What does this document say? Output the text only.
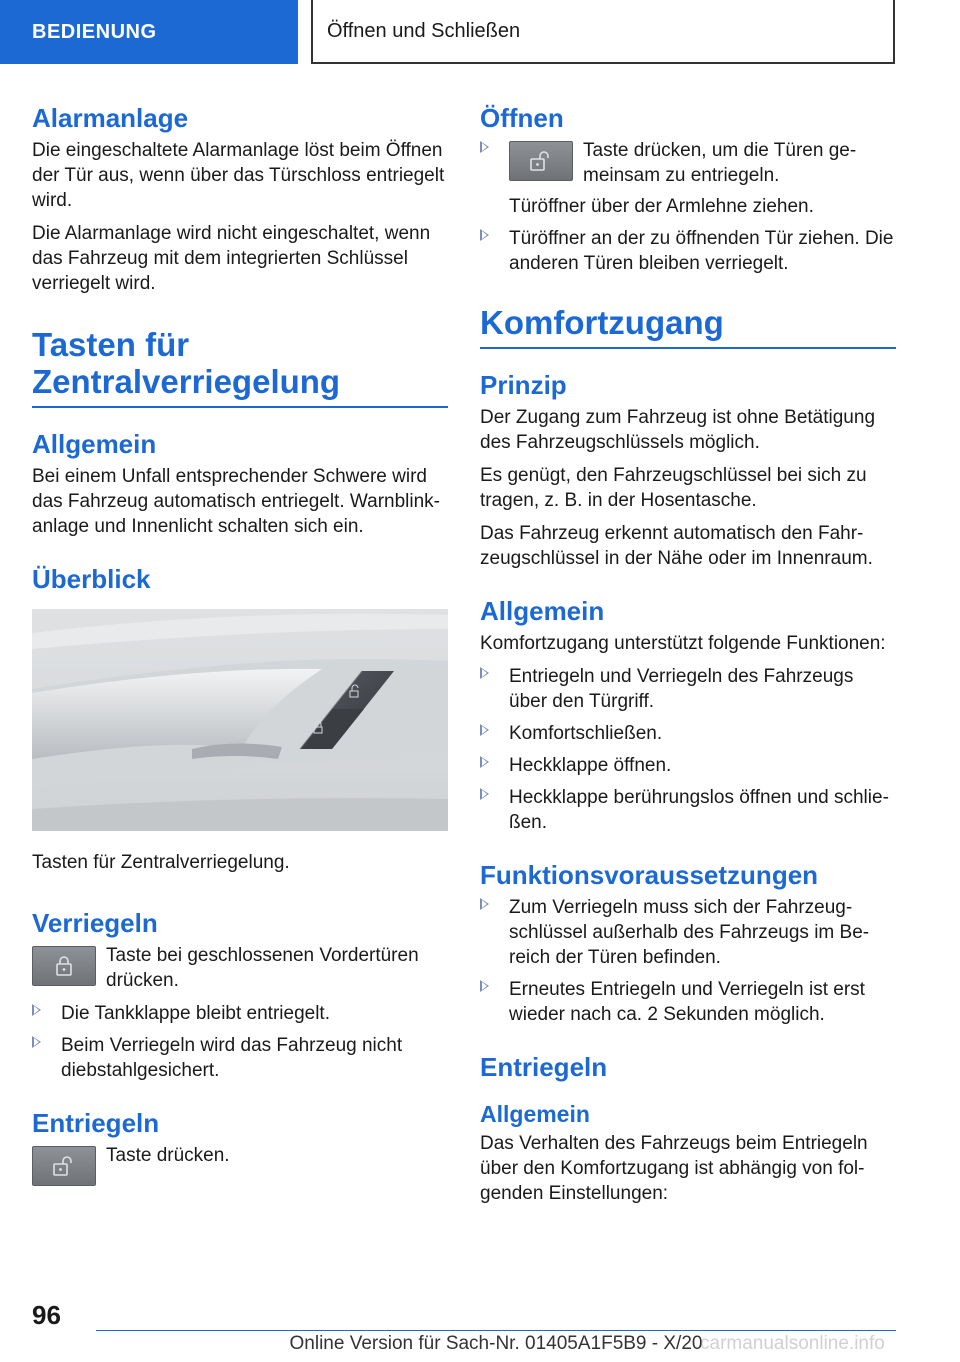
BEDIENUNG	Öffnen und Schließen
Alarmanlage

Die eingeschaltete Alarmanlage löst beim Öffnen der Tür aus, wenn über das Türschloss entriegelt wird.

Die Alarmanlage wird nicht eingeschaltet, wenn das Fahrzeug mit dem integrierten Schlüssel verriegelt wird.

Tasten für
Zentralverriegelung
Allgemein

Bei einem Unfall entsprechender Schwere wird das Fahrzeug automatisch entriegelt. Warnblinkanlage und Innenlicht schalten sich ein.

Überblick

Tasten für Zentralverriegelung.

Verriegeln
Taste bei geschlossenen Vordertüren drücken.
Die Tankklappe bleibt entriegelt.
Beim Verriegeln wird das Fahrzeug nicht diebstahlgesichert.
Entriegeln
Taste drücken.
Öffnen
Taste drücken, um die Türen gemeinsam zu entriegeln.
Türöffner über der Armlehne ziehen.
Türöffner an der zu öffnenden Tür ziehen. Die anderen Türen bleiben verriegelt.
Komfortzugang
Prinzip

Der Zugang zum Fahrzeug ist ohne Betätigung des Fahrzeugschlüssels möglich.

Es genügt, den Fahrzeugschlüssel bei sich zu tragen, z. B. in der Hosentasche.

Das Fahrzeug erkennt automatisch den Fahrzeugschlüssel in der Nähe oder im Innenraum.

Allgemein

Komfortzugang unterstützt folgende Funktionen:

Entriegeln und Verriegeln des Fahrzeugs über den Türgriff.
Komfortschließen.
Heckklappe öffnen.
Heckklappe berührungslos öffnen und schließen.
Funktionsvoraussetzungen
Zum Verriegeln muss sich der Fahrzeugschlüssel außerhalb des Fahrzeugs im Bereich der Türen befinden.
Erneutes Entriegeln und Verriegeln ist erst wieder nach ca. 2 Sekunden möglich.
Entriegeln
Allgemein

Das Verhalten des Fahrzeugs beim Entriegeln über den Komfortzugang ist abhängig von folgenden Einstellungen:

96
Online Version für Sach-Nr. 01405A1F5B9 - X/20
carmanualsonline.info
